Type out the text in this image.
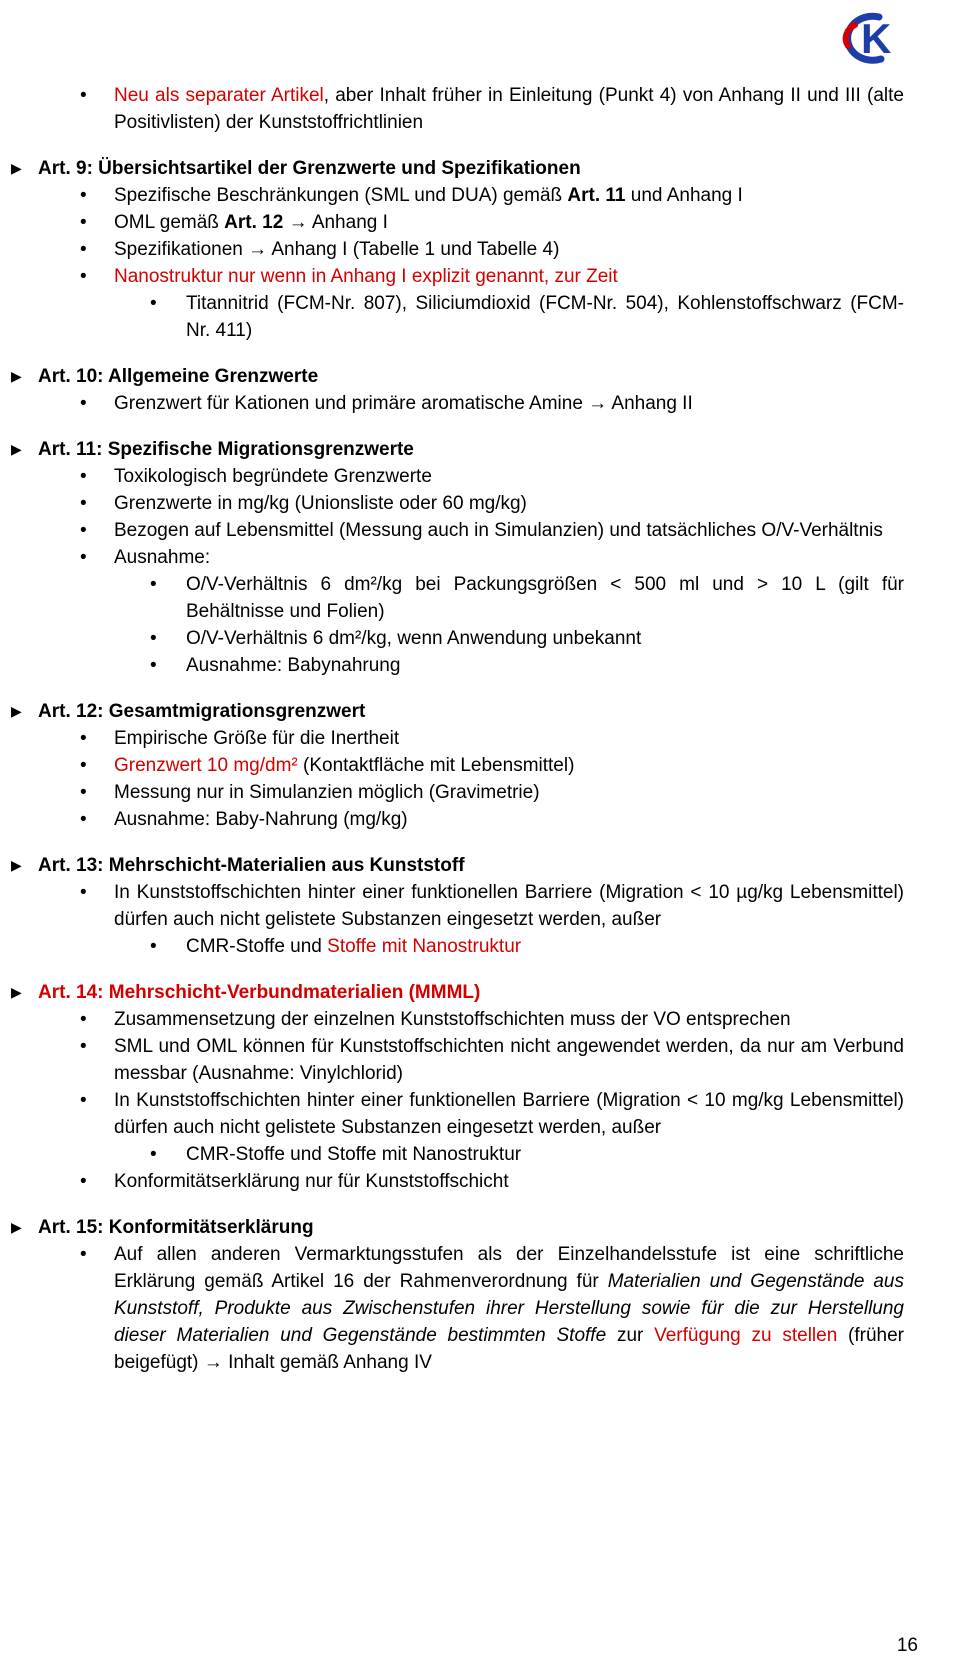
K
• Neu als separater Artikel, aber Inhalt früher in Einleitung (Punkt 4) von Anhang II und III (alte Positivlisten) der Kunststoffrichtlinien
▶ Art. 9: Übersichtsartikel der Grenzwerte und Spezifikationen
• Spezifische Beschränkungen (SML und DUA) gemäß Art. 11 und Anhang I
• OML gemäß Art. 12 → Anhang I
• Spezifikationen → Anhang I (Tabelle 1 und Tabelle 4)
• Nanostruktur nur wenn in Anhang I explizit genannt, zur Zeit
• Titannitrid (FCM-Nr. 807), Siliciumdioxid (FCM-Nr. 504), Kohlenstoffschwarz (FCM-Nr. 411)
▶ Art. 10: Allgemeine Grenzwerte
• Grenzwert für Kationen und primäre aromatische Amine → Anhang II
▶ Art. 11: Spezifische Migrationsgrenzwerte
• Toxikologisch begründete Grenzwerte
• Grenzwerte in mg/kg (Unionsliste oder 60 mg/kg)
• Bezogen auf Lebensmittel (Messung auch in Simulanzien) und tatsächliches O/V-Verhältnis
• Ausnahme:
• O/V-Verhältnis 6 dm²/kg bei Packungsgrößen < 500 ml und > 10 L (gilt für Behältnisse und Folien)
• O/V-Verhältnis 6 dm²/kg, wenn Anwendung unbekannt
• Ausnahme: Babynahrung
▶ Art. 12: Gesamtmigrationsgrenzwert
• Empirische Größe für die Inertheit
• Grenzwert 10 mg/dm² (Kontaktfläche mit Lebensmittel)
• Messung nur in Simulanzien möglich (Gravimetrie)
• Ausnahme: Baby-Nahrung (mg/kg)
▶ Art. 13: Mehrschicht-Materialien aus Kunststoff
• In Kunststoffschichten hinter einer funktionellen Barriere (Migration < 10 µg/kg Lebensmittel) dürfen auch nicht gelistete Substanzen eingesetzt werden, außer
• CMR-Stoffe und Stoffe mit Nanostruktur
▶ Art. 14: Mehrschicht-Verbundmaterialien (MMML)
• Zusammensetzung der einzelnen Kunststoffschichten muss der VO entsprechen
• SML und OML können für Kunststoffschichten nicht angewendet werden, da nur am Verbund messbar (Ausnahme: Vinylchlorid)
• In Kunststoffschichten hinter einer funktionellen Barriere (Migration < 10 mg/kg Lebensmittel) dürfen auch nicht gelistete Substanzen eingesetzt werden, außer
• CMR-Stoffe und Stoffe mit Nanostruktur
• Konformitätserklärung nur für Kunststoffschicht
▶ Art. 15: Konformitätserklärung
• Auf allen anderen Vermarktungsstufen als der Einzelhandelsstufe ist eine schriftliche Erklärung gemäß Artikel 16 der Rahmenverordnung für Materialien und Gegenstände aus Kunststoff, Produkte aus Zwischenstufen ihrer Herstellung sowie für die zur Herstellung dieser Materialien und Gegenstände bestimmten Stoffe zur Verfügung zu stellen (früher beigefügt) → Inhalt gemäß Anhang IV
16
